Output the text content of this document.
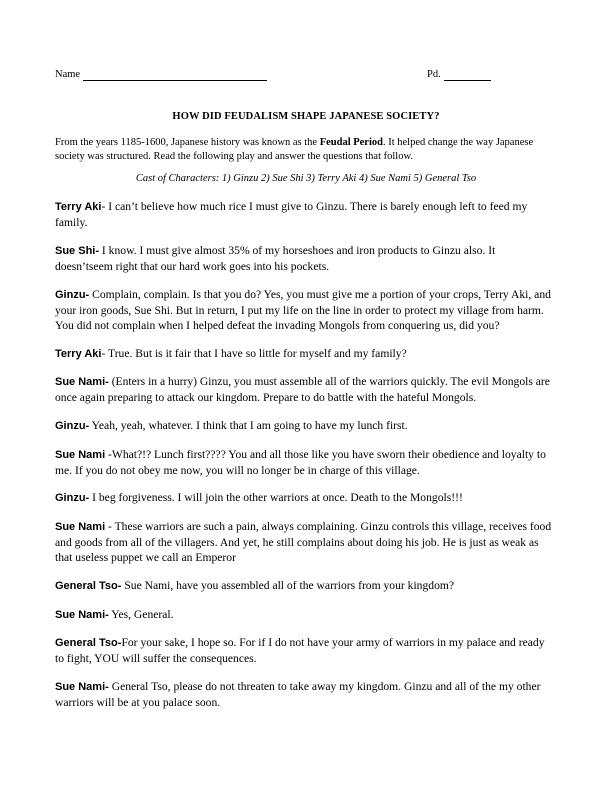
Name	Pd.
HOW DID FEUDALISM SHAPE JAPANESE SOCIETY?
From the years 1185-1600, Japanese history was known as the Feudal Period. It helped change the way Japanese society was structured. Read the following play and answer the questions that follow.
Cast of Characters: 1) Ginzu 2) Sue Shi 3) Terry Aki 4) Sue Nami 5) General Tso

Terry Aki- I can’t believe how much rice I must give to Ginzu. There is barely enough left to feed my family.

Sue Shi- I know. I must give almost 35% of my horseshoes and iron products to Ginzu also. It doesn’tseem right that our hard work goes into his pockets.

Ginzu- Complain, complain. Is that you do? Yes, you must give me a portion of your crops, Terry Aki, and your iron goods, Sue Shi. But in return, I put my life on the line in order to protect my village from harm. You did not complain when I helped defeat the invading Mongols from conquering us, did you?

Terry Aki- True. But is it fair that I have so little for myself and my family?

Sue Nami- (Enters in a hurry) Ginzu, you must assemble all of the warriors quickly. The evil Mongols are once again preparing to attack our kingdom. Prepare to do battle with the hateful Mongols.

Ginzu- Yeah, yeah, whatever. I think that I am going to have my lunch first.

Sue Nami -What?!? Lunch first???? You and all those like you have sworn their obedience and loyalty to me. If you do not obey me now, you will no longer be in charge of this village.

Ginzu- I beg forgiveness. I will join the other warriors at once. Death to the Mongols!!!

Sue Nami - These warriors are such a pain, always complaining. Ginzu controls this village, receives food and goods from all of the villagers. And yet, he still complains about doing his job. He is just as weak as that useless puppet we call an Emperor

General Tso- Sue Nami, have you assembled all of the warriors from your kingdom?

Sue Nami- Yes, General.

General Tso-For your sake, I hope so. For if I do not have your army of warriors in my palace and ready to fight, YOU will suffer the consequences.

Sue Nami- General Tso, please do not threaten to take away my kingdom. Ginzu and all of the my other warriors will be at you palace soon.
